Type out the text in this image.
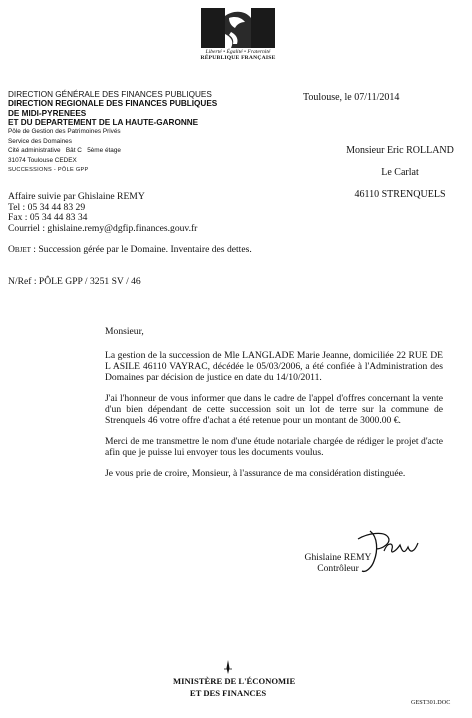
Liberté • Égalité • Fraternité
RÉPUBLIQUE FRANÇAISE
DIRECTION GÉNÉRALE DES FINANCES PUBLIQUES
DIRECTION REGIONALE DES FINANCES PUBLIQUES
DE MIDI-PYRENEES
ET DU DEPARTEMENT DE LA HAUTE-GARONNE
Pôle de Gestion des Patrimoines Privés
Service des Domaines
Cité administrative   Bât C   5ème étage
31074 Toulouse CEDEX
SUCCESSIONS - PÔLE GPP
Toulouse, le 07/11/2014
Monsieur Eric ROLLAND
Le Carlat
46110 STRENQUELS
Affaire suivie par Ghislaine REMY
Tel : 05 34 44 83 29
Fax : 05 34 44 83 34
Courriel : ghislaine.remy@dgfip.finances.gouv.fr
Objet : Succession gérée par le Domaine. Inventaire des dettes.
N/Ref : PÔLE GPP / 3251 SV / 46

Monsieur,

La gestion de la succession de Mle LANGLADE Marie Jeanne, domiciliée 22 RUE DE L ASILE 46110 VAYRAC, décédée le 05/03/2006, a été confiée à l'Administration des Domaines par décision de justice en date du 14/10/2011.

J'ai l'honneur de vous informer que dans le cadre de l'appel d'offres concernant la vente d'un bien dépendant de cette succession soit un lot de terre sur la commune de Strenquels 46 votre offre d'achat a été retenue pour un montant de 3000.00 €.

Merci de me transmettre le nom d'une étude notariale chargée de rédiger le projet d'acte afin que je puisse lui envoyer tous les documents voulus.

Je vous prie de croire, Monsieur, à l'assurance de ma considération distinguée.

Ghislaine REMY
Contrôleur
MINISTÈRE DE L'ÉCONOMIE
ET DES FINANCES
GEST301.DOC
